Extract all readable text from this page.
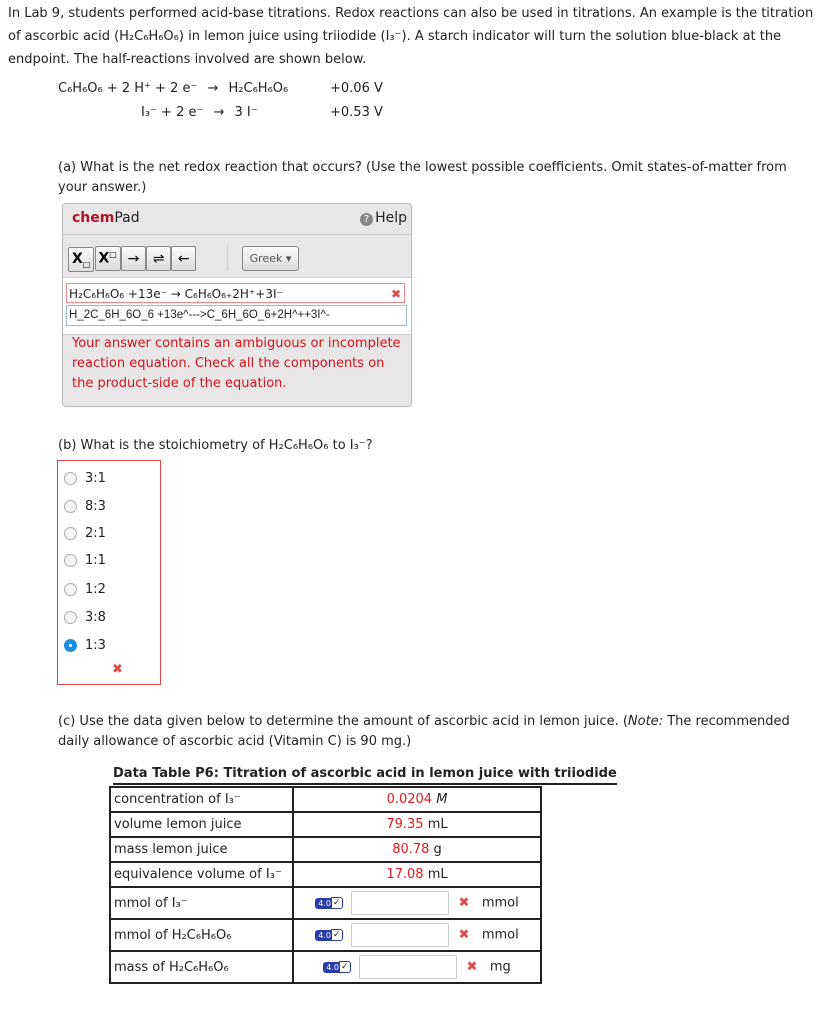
In Lab 9, students performed acid-base titrations. Redox reactions can also be used in titrations. An example is the titration of ascorbic acid (H₂C₆H₆O₆) in lemon juice using triiodide (I₃⁻). A starch indicator will turn the solution blue-black at the endpoint. The half-reactions involved are shown below.
C₆H₆O₆ + 2 H⁺ + 2 e⁻ → H₂C₆H₆O₆	+0.06 V
I₃⁻ + 2 e⁻ → 3 I⁻	+0.53 V
(a) What is the net redox reaction that occurs? (Use the lowest possible coefficients. Omit states-of-matter from your answer.)
chemPad	? Help
$X_□$ X□ → ⇌ ←	Greek ▾
H₂C₆H₆O₆ +13e⁻ → C₆H₆O₆₊2H⁺+3I⁻	✖
H_2C_6H_6O_6 +13e^--->C_6H_6O_6+2H^++3I^-
Your answer contains an ambiguous or incomplete reaction equation. Check all the components on the product-side of the equation.
(b) What is the stoichiometry of H₂C₆H₆O₆ to I₃⁻?
3:1
8:3
2:1
1:1
1:2
3:8
1:3
✖
(c) Use the data given below to determine the amount of ascorbic acid in lemon juice. (Note: The recommended daily allowance of ascorbic acid (Vitamin C) is 90 mg.)
Data Table P6: Titration of ascorbic acid in lemon juice with triiodide
concentration of I₃⁻	0.0204 M
volume lemon juice	79.35 mL
mass lemon juice	80.78 g
equivalence volume of I₃⁻	17.08 mL
mmol of I₃⁻	4.0 ✓ ✖ mmol
mmol of H₂C₆H₆O₆	4.0 ✓ ✖ mmol
mass of H₂C₆H₆O₆	4.0 ✓ ✖ mg
